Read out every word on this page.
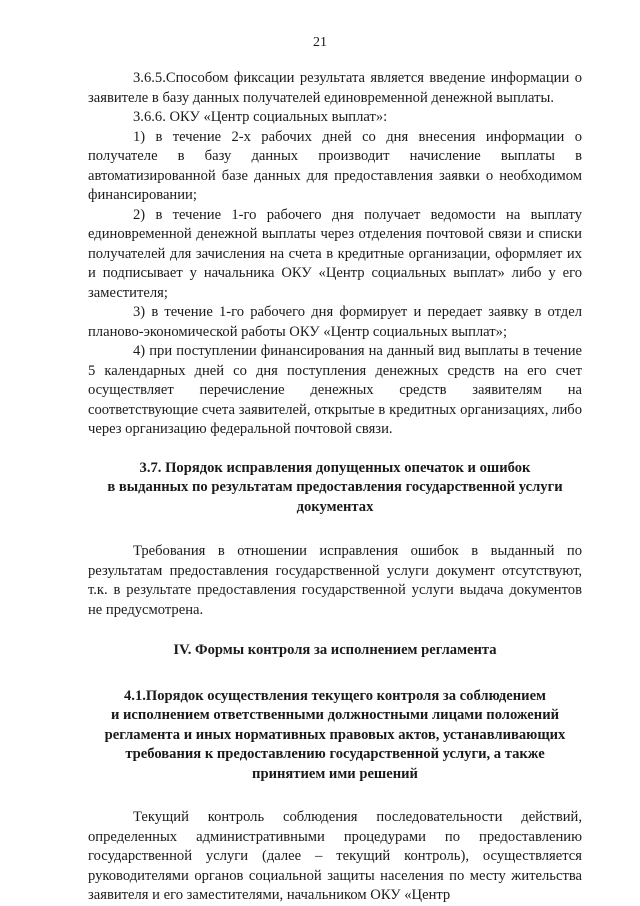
21

3.6.5.Способом фиксации результата является введение информации о заявителе в базу данных получателей единовременной денежной выплаты.

3.6.6. ОКУ «Центр социальных выплат»:

1) в течение 2-х рабочих дней со дня внесения информации о получателе в базу данных производит начисление выплаты в автоматизированной базе данных для предоставления заявки о необходимом финансировании;

2) в течение 1-го рабочего дня получает ведомости на выплату единовременной денежной выплаты через отделения почтовой связи и списки получателей для зачисления на счета в кредитные организации, оформляет их и подписывает у начальника ОКУ «Центр социальных выплат» либо у его заместителя;

3) в течение 1-го рабочего дня формирует и передает заявку в отдел планово-экономической работы ОКУ «Центр социальных выплат»;

4) при поступлении финансирования на данный вид выплаты в течение 5 календарных дней со дня поступления денежных средств на его счет осуществляет перечисление денежных средств заявителям на соответствующие счета заявителей, открытые в кредитных организациях, либо через организацию федеральной почтовой связи.

3.7. Порядок исправления допущенных опечаток и ошибок
в выданных по результатам предоставления государственной услуги
документах

Требования в отношении исправления ошибок в выданный по результатам предоставления государственной услуги документ отсутствуют, т.к. в результате предоставления государственной услуги выдача документов не предусмотрена.

IV. Формы контроля за исполнением регламента
4.1.Порядок осуществления текущего контроля за соблюдением
и исполнением ответственными должностными лицами положений
регламента и иных нормативных правовых актов, устанавливающих
требования к предоставлению государственной услуги, а также
принятием ими решений

Текущий контроль соблюдения последовательности действий, определенных административными процедурами по предоставлению государственной услуги (далее – текущий контроль), осуществляется руководителями органов социальной защиты населения по месту жительства заявителя и его заместителями, начальником ОКУ «Центр
